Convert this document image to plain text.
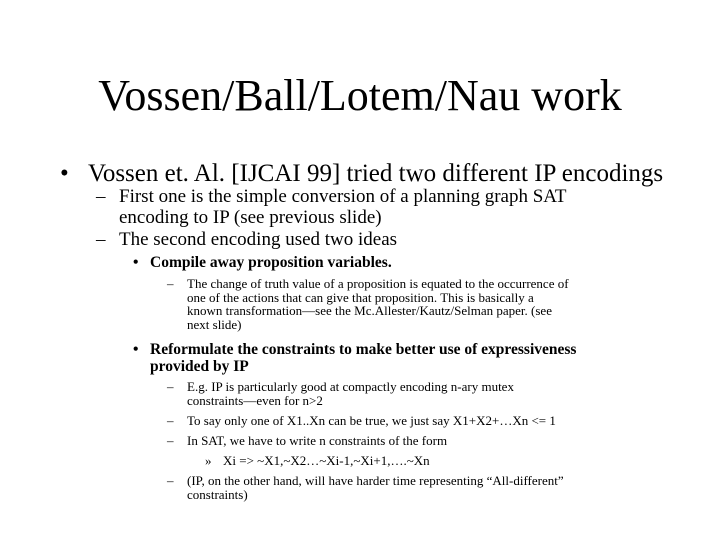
Vossen/Ball/Lotem/Nau work
• Vossen et. Al. [IJCAI 99] tried two different IP encodings
– First one is the simple conversion of a planning graph SAT
encoding to IP (see previous slide)
– The second encoding used two ideas
• Compile away proposition variables.
– The change of truth value of a proposition is equated to the occurrence of
one of the actions that can give that proposition. This is basically a
known transformation—see the Mc.Allester/Kautz/Selman paper. (see
next slide)
• Reformulate the constraints to make better use of expressiveness
provided by IP
– E.g. IP is particularly good at compactly encoding n-ary mutex
constraints—even for n>2
– To say only one of X1..Xn can be true, we just say X1+X2+…Xn <= 1
– In SAT, we have to write n constraints of the form
» Xi => ~X1,~X2…~Xi-1,~Xi+1,….~Xn
– (IP, on the other hand, will have harder time representing “All-different”
constraints)
